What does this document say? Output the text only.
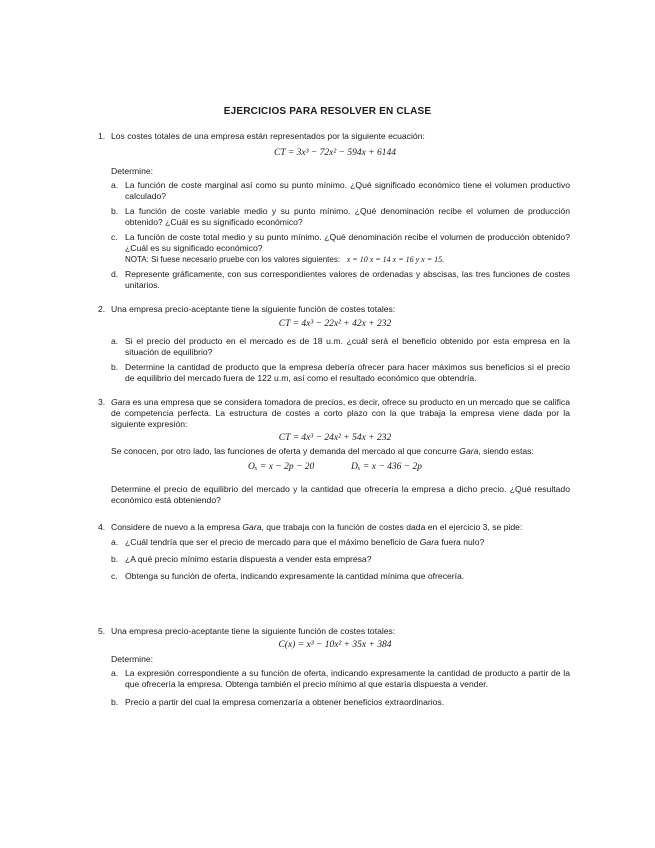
EJERCICIOS PARA RESOLVER EN CLASE
1. Los costes totales de una empresa están representados por la siguiente ecuación:
CT = 3x³ − 72x² − 594x + 6144
Determine:
a. La función de coste marginal así como su punto mínimo. ¿Qué significado económico tiene el volumen productivo calculado?
b. La función de coste variable medio y su punto mínimo. ¿Qué denominación recibe el volumen de producción obtenido? ¿Cuál es su significado económico?
c. La función de coste total medio y su punto mínimo. ¿Qué denominación recibe el volumen de producción obtenido? ¿Cuál es su significado económico?
NOTA: Si fuese necesario pruebe con los valores siguientes: x = 10 x = 14 x = 16 y x = 15.
d. Represente gráficamente, con sus correspondientes valores de ordenadas y abscisas, las tres funciones de costes unitarios.
2. Una empresa precio-aceptante tiene la siguiente función de costes totales:
CT = 4x³ − 22x² + 42x + 232
a. Si el precio del producto en el mercado es de 18 u.m. ¿cuál será el beneficio obtenido por esta empresa en la situación de equilibrio?
b. Determine la cantidad de producto que la empresa debería ofrecer para hacer máximos sus beneficios si el precio de equilibrio del mercado fuera de 122 u.m, así como el resultado económico que obtendría.
3. Gara es una empresa que se considera tomadora de precios, es decir, ofrece su producto en un mercado que se califica de competencia perfecta. La estructura de costes a corto plazo con la que trabaja la empresa viene dada por la siguiente expresión:
CT = 4x³ − 24x² + 54x + 232
Se conocen, por otro lado, las funciones de oferta y demanda del mercado al que concurre Gara, siendo estas:
Oₓ = x − 2p − 20	Dₓ = x − 436 − 2p
Determine el precio de equilibrio del mercado y la cantidad que ofrecería la empresa a dicho precio. ¿Qué resultado económico está obteniendo?
4. Considere de nuevo a la empresa Gara, que trabaja con la función de costes dada en el ejercicio 3, se pide:
a. ¿Cuál tendría que ser el precio de mercado para que el máximo beneficio de Gara fuera nulo?
b. ¿A qué precio mínimo estaría dispuesta a vender esta empresa?
c. Obtenga su función de oferta, indicando expresamente la cantidad mínima que ofrecería.
5. Una empresa precio-aceptante tiene la siguiente función de costes totales:
C(x) = x³ − 10x² + 35x + 384
Determine:
a. La expresión correspondiente a su función de oferta, indicando expresamente la cantidad de producto a partir de la que ofrecería la empresa. Obtenga también el precio mínimo al que estaría dispuesta a vender.
b. Precio a partir del cual la empresa comenzaría a obtener beneficios extraordinarios.
